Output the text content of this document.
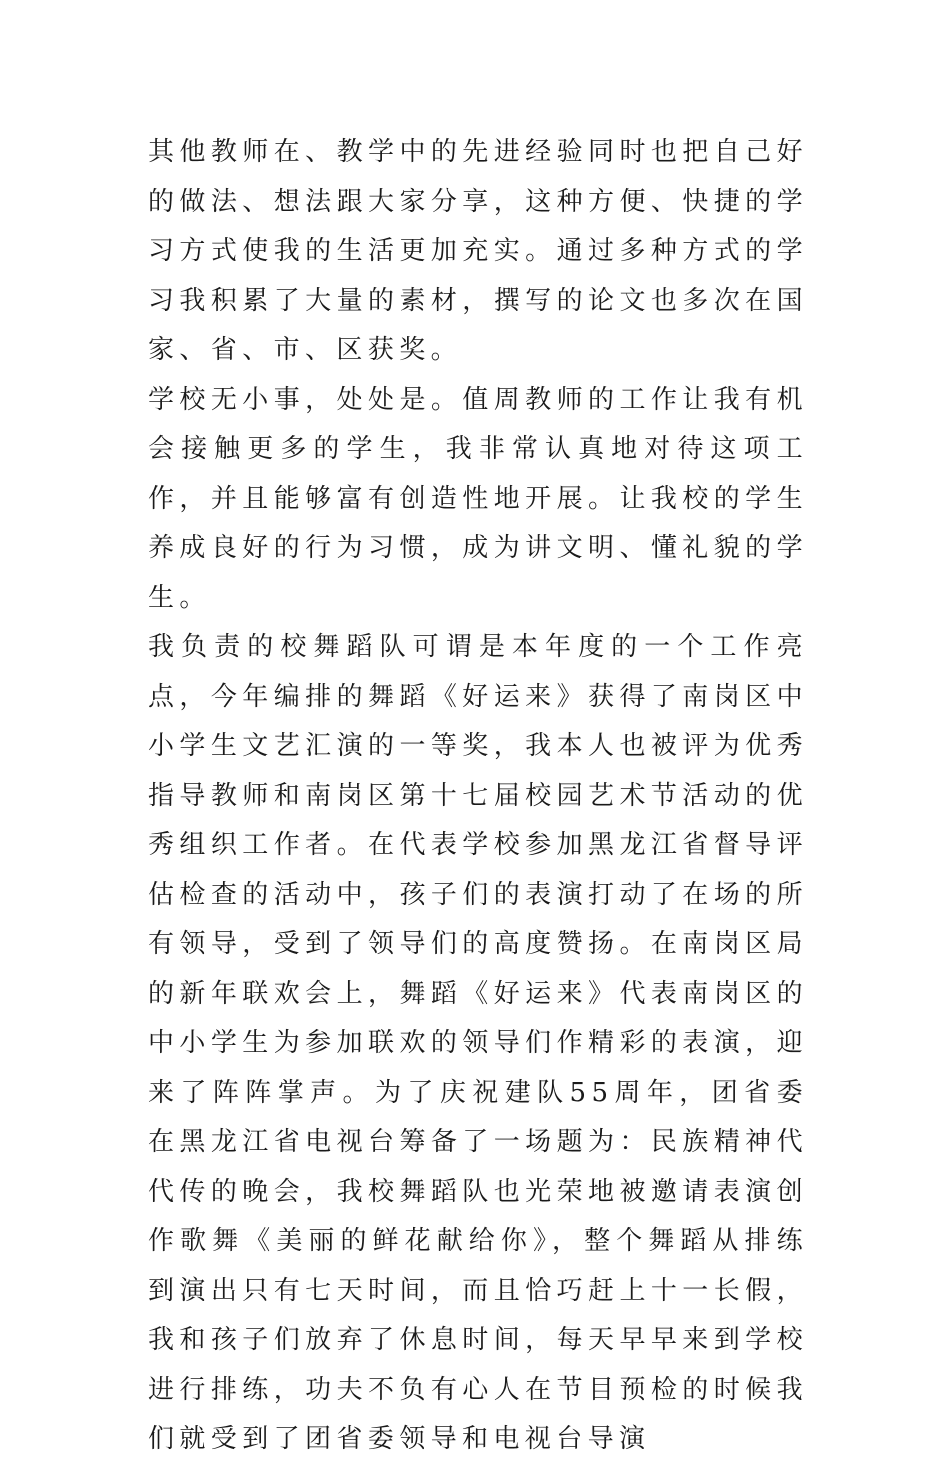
其他教师在、教学中的先进经验同时也把自己好的做法、想法跟大家分享，这种方便、快捷的学习方式使我的生活更加充实。通过多种方式的学习我积累了大量的素材，撰写的论文也多次在国家、省、市、区获奖。

学校无小事，处处是。值周教师的工作让我有机会接触更多的学生，我非常认真地对待这项工作，并且能够富有创造性地开展。让我校的学生养成良好的行为习惯，成为讲文明、懂礼貌的学生。

我负责的校舞蹈队可谓是本年度的一个工作亮点，今年编排的舞蹈《好运来》获得了南岗区中小学生文艺汇演的一等奖，我本人也被评为优秀指导教师和南岗区第十七届校园艺术节活动的优秀组织工作者。在代表学校参加黑龙江省督导评估检查的活动中，孩子们的表演打动了在场的所有领导，受到了领导们的高度赞扬。在南岗区局的新年联欢会上，舞蹈《好运来》代表南岗区的中小学生为参加联欢的领导们作精彩的表演，迎来了阵阵掌声。为了庆祝建队55周年，团省委在黑龙江省电视台筹备了一场题为：民族精神代代传的晚会，我校舞蹈队也光荣地被邀请表演创作歌舞《美丽的鲜花献给你》，整个舞蹈从排练到演出只有七天时间，而且恰巧赶上十一长假，我和孩子们放弃了休息时间，每天早早来到学校进行排练，功夫不负有心人在节目预检的时候我们就受到了团省委领导和电视台导演
